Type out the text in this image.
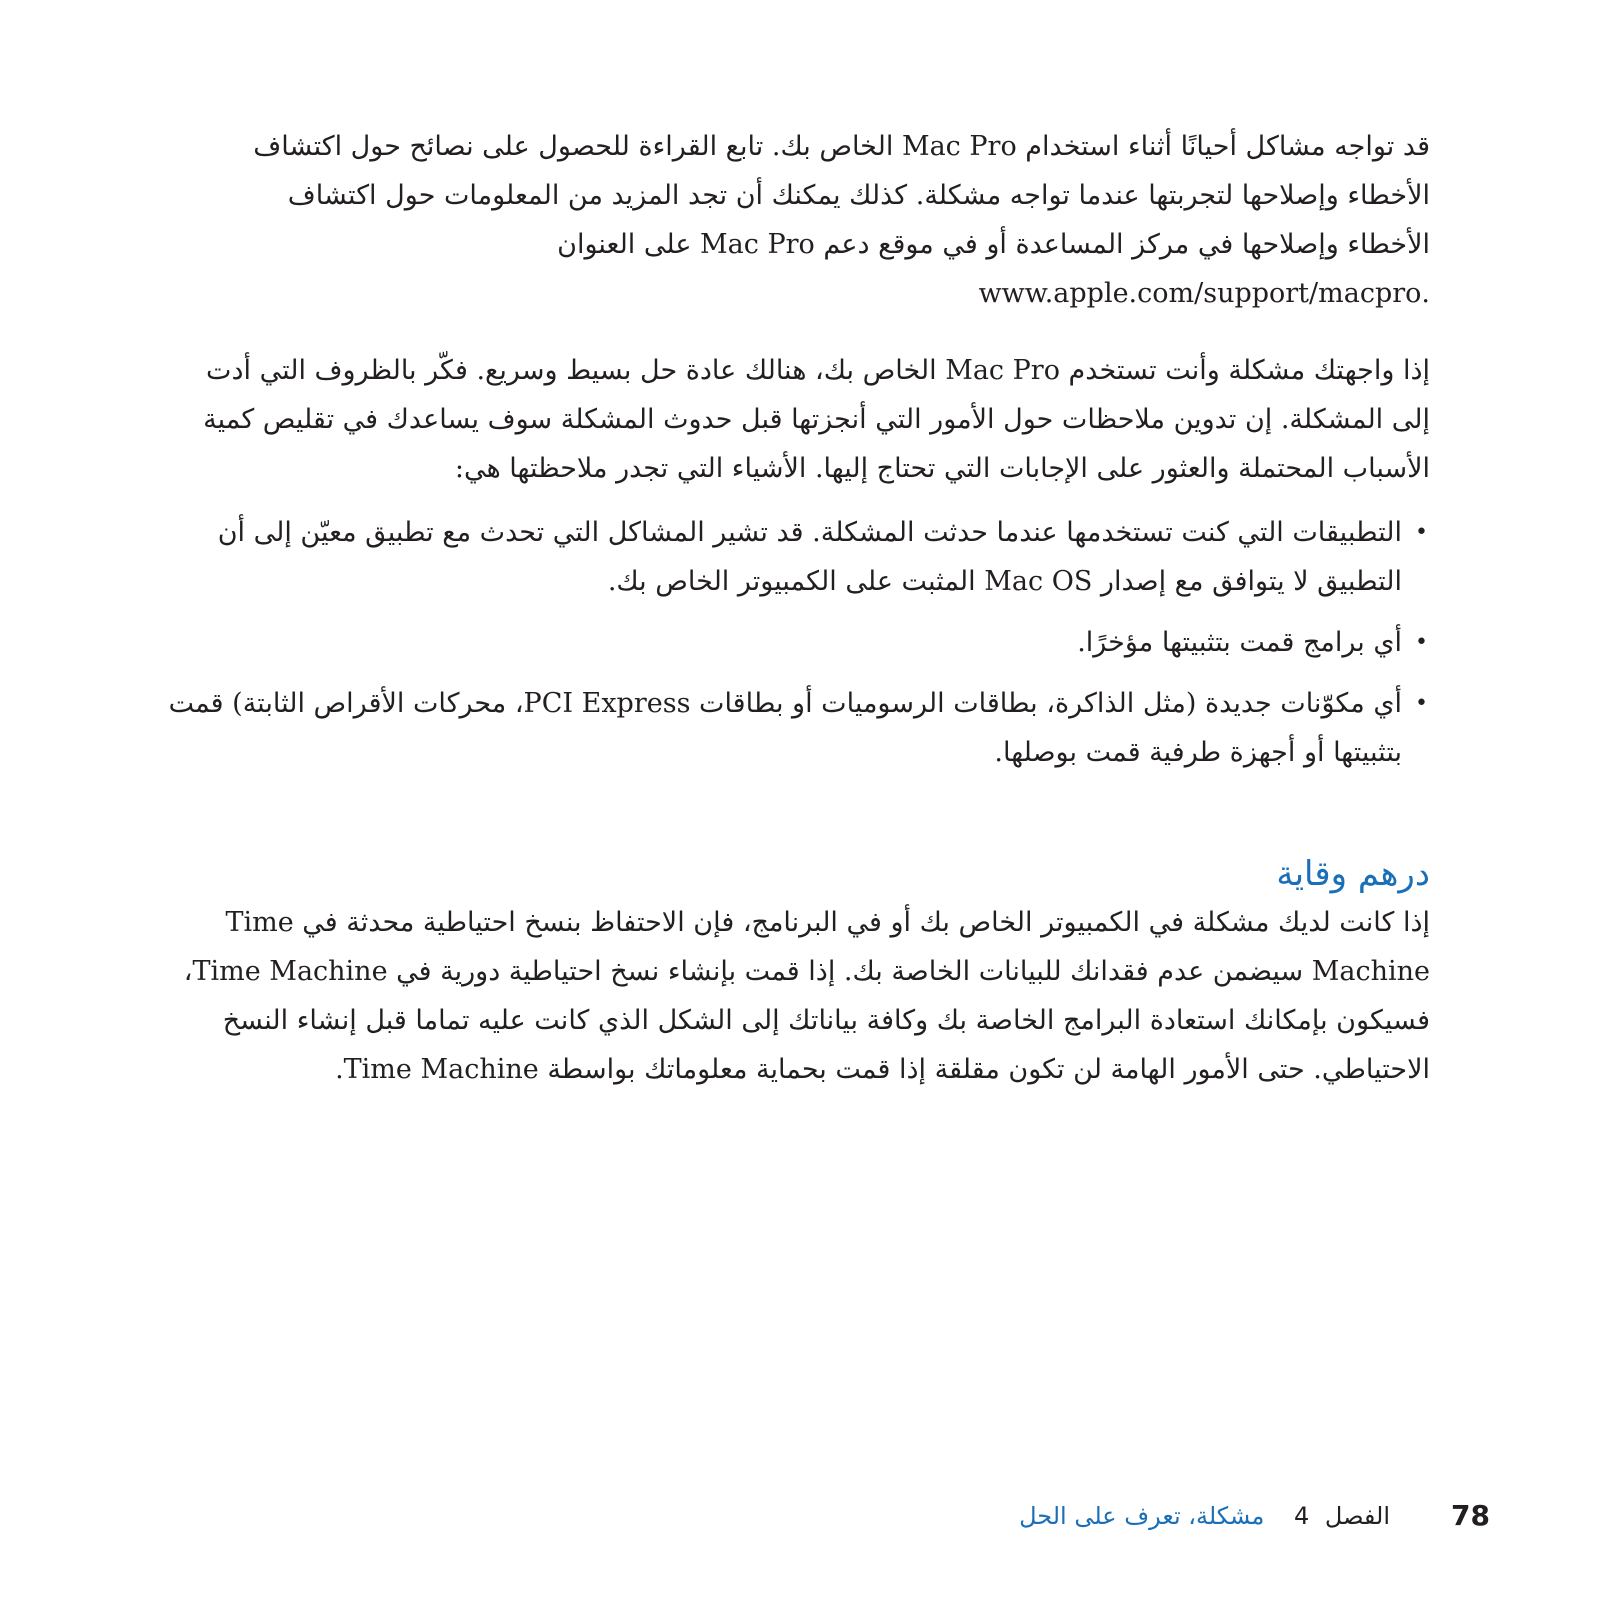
قد تواجه مشاكل أحيانًا أثناء استخدام Mac Pro الخاص بك. تابع القراءة للحصول على نصائح حول اكتشاف الأخطاء وإصلاحها لتجربتها عندما تواجه مشكلة. كذلك يمكنك أن تجد المزيد من المعلومات حول اكتشاف الأخطاء وإصلاحها في مركز المساعدة أو في موقع دعم Mac Pro على العنوان
.www.apple.com/support/macpro

إذا واجهتك مشكلة وأنت تستخدم Mac Pro الخاص بك، هنالك عادة حل بسيط وسريع. فكّر بالظروف التي أدت إلى المشكلة. إن تدوين ملاحظات حول الأمور التي أنجزتها قبل حدوث المشكلة سوف يساعدك في تقليص كمية الأسباب المحتملة والعثور على الإجابات التي تحتاج إليها. الأشياء التي تجدر ملاحظتها هي:

•
التطبيقات التي كنت تستخدمها عندما حدثت المشكلة. قد تشير المشاكل التي تحدث مع تطبيق معيّن إلى أن التطبيق لا يتوافق مع إصدار Mac OS المثبت على الكمبيوتر الخاص بك.
•
أي برامج قمت بتثبيتها مؤخرًا.
•
أي مكوّنات جديدة (مثل الذاكرة، بطاقات الرسوميات أو بطاقات PCI Express، محركات الأقراص الثابتة) قمت بتثبيتها أو أجهزة طرفية قمت بوصلها.
درهم وقاية

إذا كانت لديك مشكلة في الكمبيوتر الخاص بك أو في البرنامج، فإن الاحتفاظ بنسخ احتياطية محدثة في Time Machine سيضمن عدم فقدانك للبيانات الخاصة بك. إذا قمت بإنشاء نسخ احتياطية دورية في Time Machine، فسيكون بإمكانك استعادة البرامج الخاصة بك وكافة بياناتك إلى الشكل الذي كانت عليه تماما قبل إنشاء النسخ الاحتياطي. حتى الأمور الهامة لن تكون مقلقة إذا قمت بحماية معلوماتك بواسطة Time Machine.

78
الفصل 4 مشكلة، تعرف على الحل
